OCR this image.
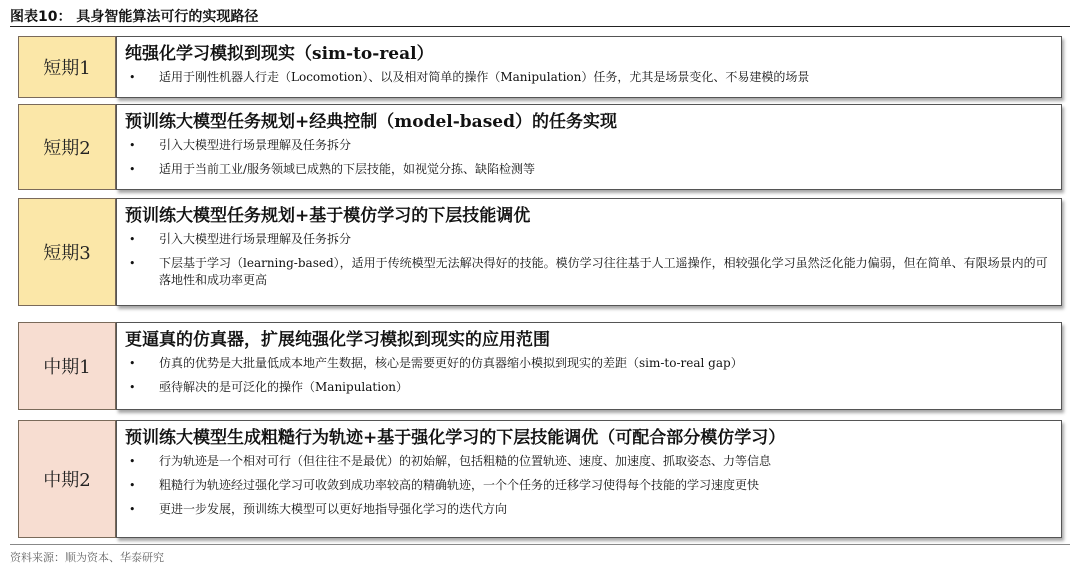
图表10： 具身智能算法可行的实现路径
短期1
纯强化学习模拟到现实（sim-to-real）
• 适用于刚性机器人行走（Locomotion）、以及相对简单的操作（Manipulation）任务，尤其是场景变化、不易建模的场景
短期2
预训练大模型任务规划+经典控制（model-based）的任务实现
• 引入大模型进行场景理解及任务拆分
• 适用于当前工业/服务领域已成熟的下层技能，如视觉分拣、缺陷检测等
短期3
预训练大模型任务规划+基于模仿学习的下层技能调优
• 引入大模型进行场景理解及任务拆分
• 下层基于学习（learning-based），适用于传统模型无法解决得好的技能。模仿学习往往基于人工遥操作，相较强化学习虽然泛化能力偏弱，但在简单、有限场景内的可落地性和成功率更高
中期1
更逼真的仿真器，扩展纯强化学习模拟到现实的应用范围
• 仿真的优势是大批量低成本地产生数据，核心是需要更好的仿真器缩小模拟到现实的差距（sim-to-real gap）
• 亟待解决的是可泛化的操作（Manipulation）
中期2
预训练大模型生成粗糙行为轨迹+基于强化学习的下层技能调优（可配合部分模仿学习）
• 行为轨迹是一个相对可行（但往往不是最优）的初始解，包括粗糙的位置轨迹、速度、加速度、抓取姿态、力等信息
• 粗糙行为轨迹经过强化学习可收敛到成功率较高的精确轨迹，一个个任务的迁移学习使得每个技能的学习速度更快
• 更进一步发展，预训练大模型可以更好地指导强化学习的迭代方向
资料来源：顺为资本、华泰研究
